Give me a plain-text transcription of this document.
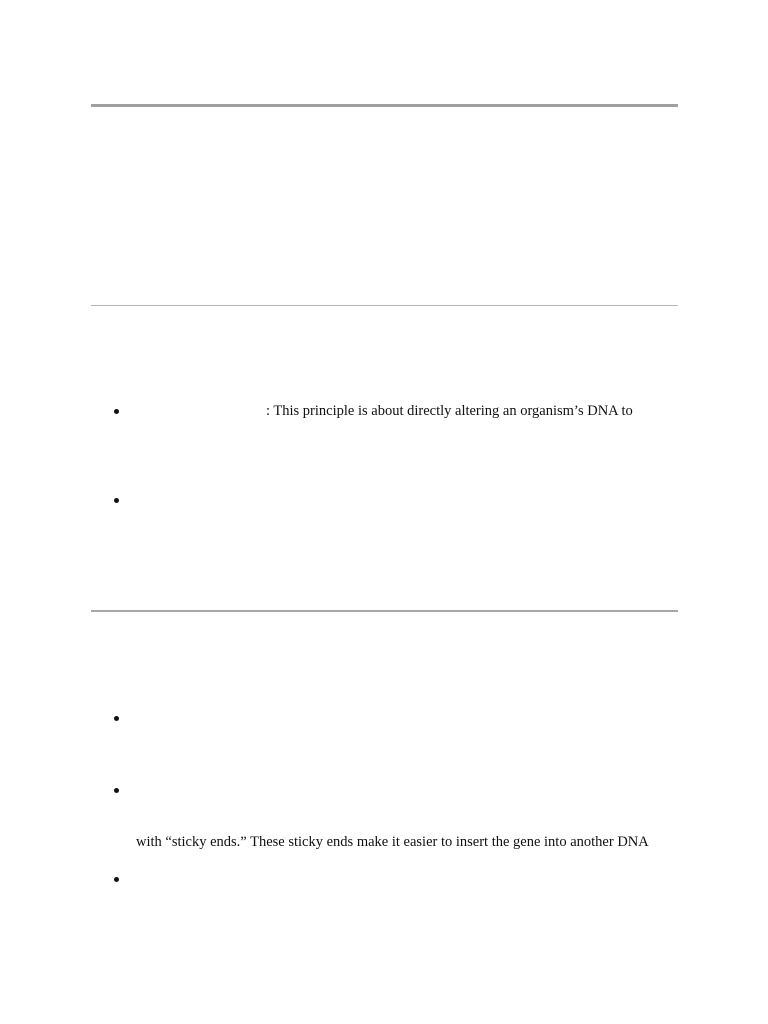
: This principle is about directly altering an organism’s DNA to
with “sticky ends.” These sticky ends make it easier to insert the gene into another DNA
